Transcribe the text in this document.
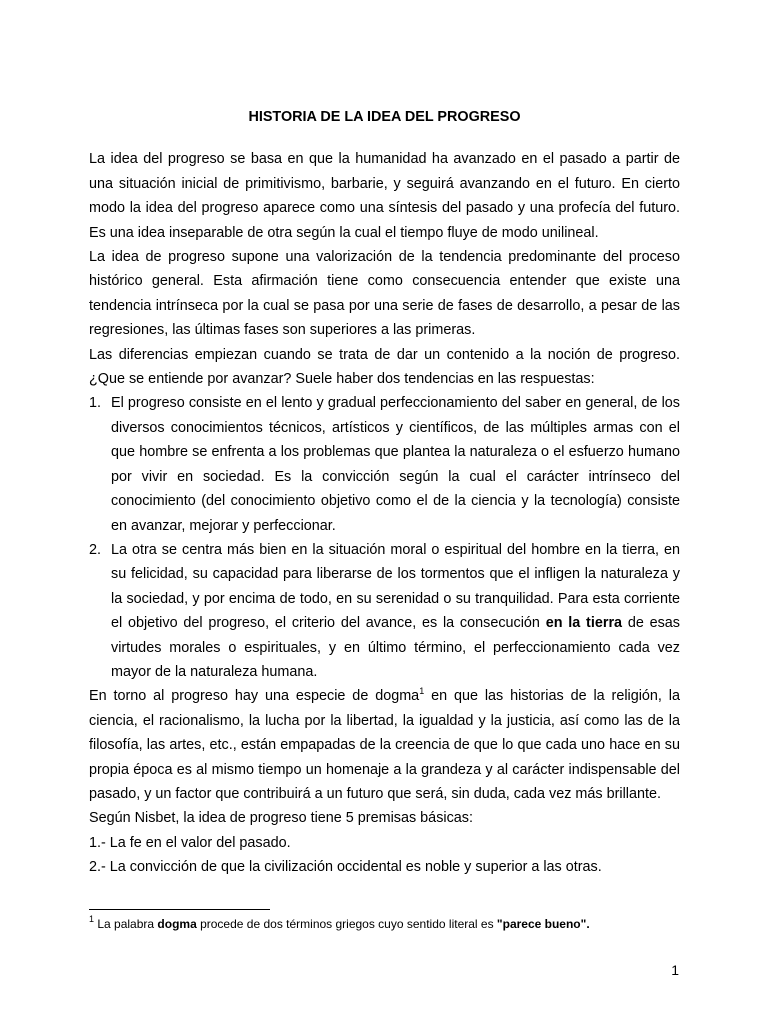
HISTORIA DE LA IDEA DEL PROGRESO

La idea del progreso se basa en que la humanidad ha avanzado en el pasado a partir de una situación inicial de primitivismo, barbarie, y seguirá avanzando en el futuro. En cierto modo la idea del progreso aparece como una síntesis del pasado y una profecía del futuro. Es una idea inseparable de otra según la cual el tiempo fluye de modo unilineal.

La idea de progreso supone una valorización de la tendencia predominante del proceso histórico general. Esta afirmación tiene como consecuencia entender que existe una tendencia intrínseca por la cual se pasa por una serie de fases de desarrollo, a pesar de las regresiones, las últimas fases son superiores a las primeras.

Las diferencias empiezan cuando se trata de dar un contenido a la noción de progreso. ¿Que se entiende por avanzar? Suele haber dos tendencias en las respuestas:

1. El progreso consiste en el lento y gradual perfeccionamiento del saber en general, de los diversos conocimientos técnicos, artísticos y científicos, de las múltiples armas con el que hombre se enfrenta a los problemas que plantea la naturaleza o el esfuerzo humano por vivir en sociedad. Es la convicción según la cual el carácter intrínseco del conocimiento (del conocimiento objetivo como el de la ciencia y la tecnología) consiste en avanzar, mejorar y perfeccionar.
2. La otra se centra más bien en la situación moral o espiritual del hombre en la tierra, en su felicidad, su capacidad para liberarse de los tormentos que el infligen la naturaleza y la sociedad, y por encima de todo, en su serenidad o su tranquilidad. Para esta corriente el objetivo del progreso, el criterio del avance, es la consecución en la tierra de esas virtudes morales o espirituales, y en último término, el perfeccionamiento cada vez mayor de la naturaleza humana.

En torno al progreso hay una especie de dogma$^1$ en que las historias de la religión, la ciencia, el racionalismo, la lucha por la libertad, la igualdad y la justicia, así como las de la filosofía, las artes, etc., están empapadas de la creencia de que lo que cada uno hace en su propia época es al mismo tiempo un homenaje a la grandeza y al carácter indispensable del pasado, y un factor que contribuirá a un futuro que será, sin duda, cada vez más brillante.

Según Nisbet, la idea de progreso tiene 5 premisas básicas:

1.- La fe en el valor del pasado.

2.- La convicción de que la civilización occidental es noble y superior a las otras.

$^1$ La palabra dogma procede de dos términos griegos cuyo sentido literal es "parece bueno".
1
